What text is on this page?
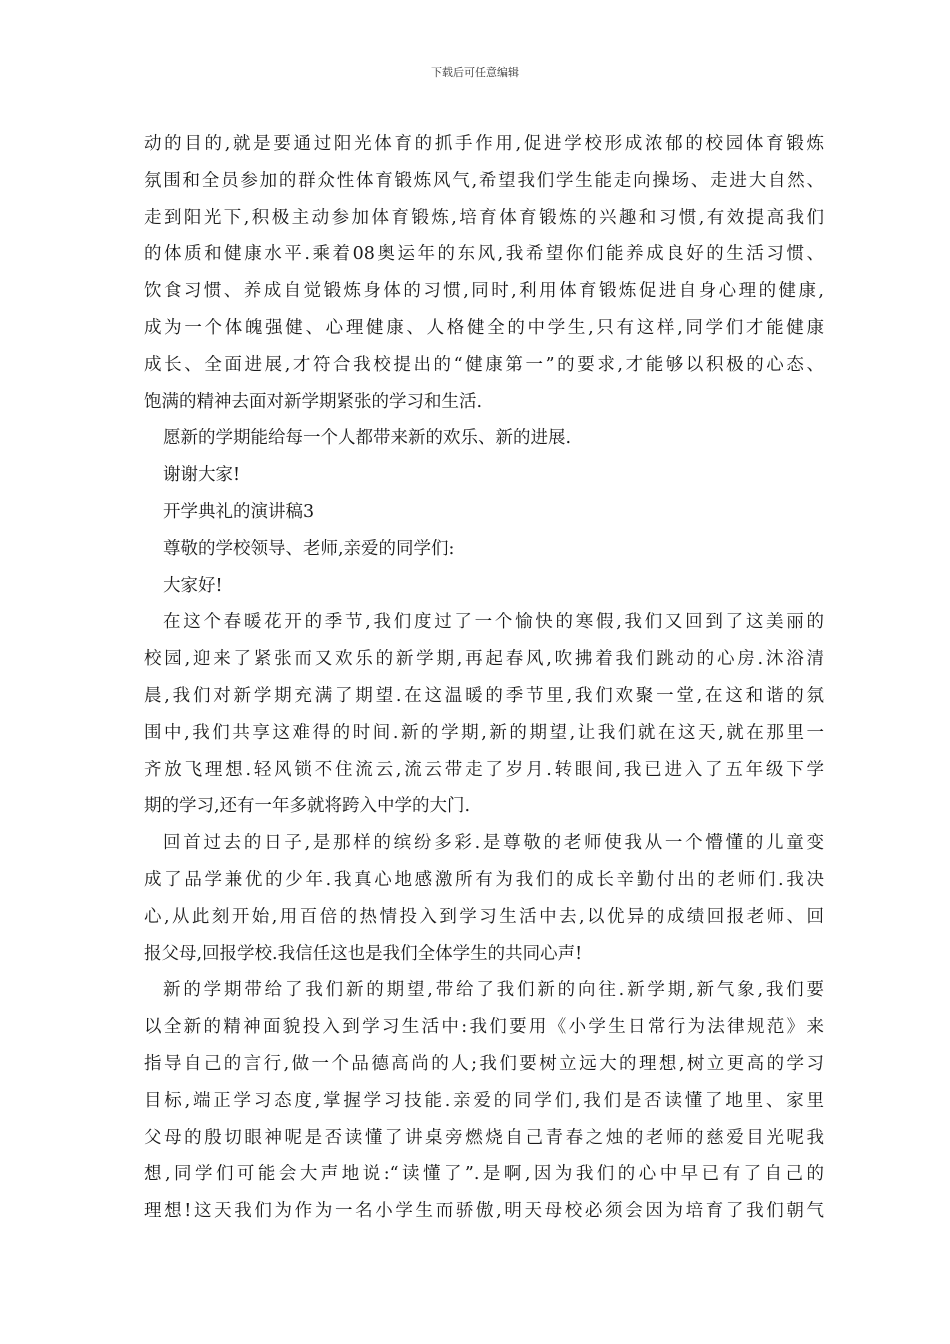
下载后可任意编辑
动的目的,就是要通过阳光体育的抓手作用,促进学校形成浓郁的校园体育锻炼
氛围和全员参加的群众性体育锻炼风气,希望我们学生能走向操场、走进大自然、
走到阳光下,积极主动参加体育锻炼,培育体育锻炼的兴趣和习惯,有效提高我们
的体质和健康水平.乘着08奥运年的东风,我希望你们能养成良好的生活习惯、
饮食习惯、养成自觉锻炼身体的习惯,同时,利用体育锻炼促进自身心理的健康,
成为一个体魄强健、心理健康、人格健全的中学生,只有这样,同学们才能健康
成长、全面进展,才符合我校提出的“健康第一”的要求,才能够以积极的心态、
饱满的精神去面对新学期紧张的学习和生活.
愿新的学期能给每一个人都带来新的欢乐、新的进展.
谢谢大家!
开学典礼的演讲稿3
尊敬的学校领导、老师,亲爱的同学们:
大家好!
在这个春暖花开的季节,我们度过了一个愉快的寒假,我们又回到了这美丽的
校园,迎来了紧张而又欢乐的新学期,再起春风,吹拂着我们跳动的心房.沐浴清
晨,我们对新学期充满了期望.在这温暖的季节里,我们欢聚一堂,在这和谐的氛
围中,我们共享这难得的时间.新的学期,新的期望,让我们就在这天,就在那里一
齐放飞理想.轻风锁不住流云,流云带走了岁月.转眼间,我已进入了五年级下学
期的学习,还有一年多就将跨入中学的大门.
回首过去的日子,是那样的缤纷多彩.是尊敬的老师使我从一个懵懂的儿童变
成了品学兼优的少年.我真心地感激所有为我们的成长辛勤付出的老师们.我决
心,从此刻开始,用百倍的热情投入到学习生活中去,以优异的成绩回报老师、回
报父母,回报学校.我信任这也是我们全体学生的共同心声!
新的学期带给了我们新的期望,带给了我们新的向往.新学期,新气象,我们要
以全新的精神面貌投入到学习生活中:我们要用《小学生日常行为法律规范》来
指导自己的言行,做一个品德高尚的人;我们要树立远大的理想,树立更高的学习
目标,端正学习态度,掌握学习技能.亲爱的同学们,我们是否读懂了地里、家里
父母的殷切眼神呢是否读懂了讲桌旁燃烧自己青春之烛的老师的慈爱目光呢我
想,同学们可能会大声地说:“读懂了”.是啊,因为我们的心中早已有了自己的
理想!这天我们为作为一名小学生而骄傲,明天母校必须会因为培育了我们朝气
